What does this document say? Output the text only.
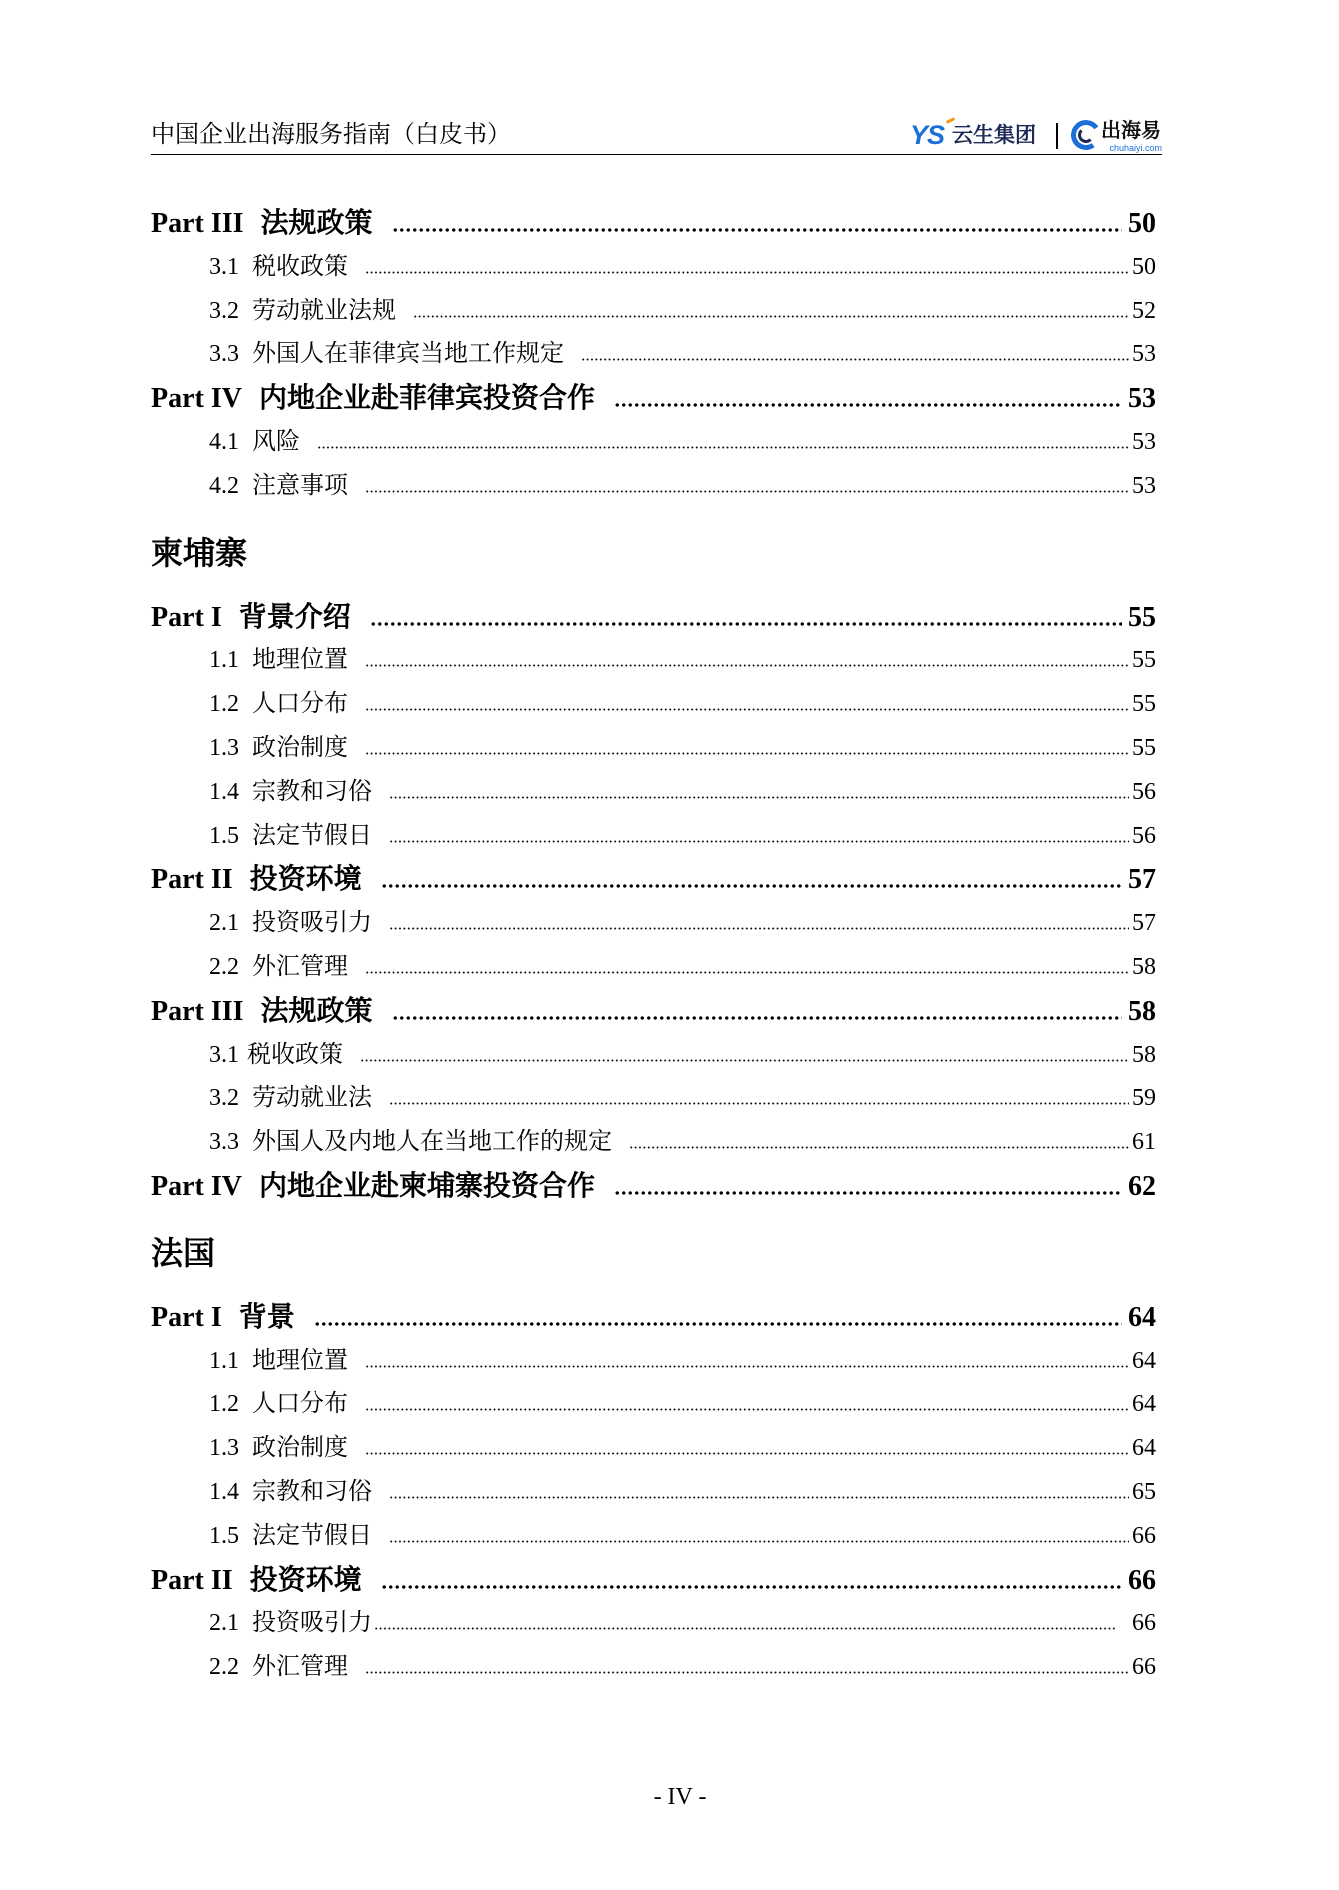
中国企业出海服务指南（白皮书）	YS 云生集团	出海易
chuhaiyi.com
Part III 法规政策	50
3.1 税收政策	50
3.2 劳动就业法规	52
3.3 外国人在菲律宾当地工作规定	53
Part IV 内地企业赴菲律宾投资合作	53
4.1 风险	53
4.2 注意事项	53
柬埔寨
Part I 背景介绍	55
1.1 地理位置	55
1.2 人口分布	55
1.3 政治制度	55
1.4 宗教和习俗	56
1.5 法定节假日	56
Part II 投资环境	57
2.1 投资吸引力	57
2.2 外汇管理	58
Part III 法规政策	58
3.1 税收政策	58
3.2 劳动就业法	59
3.3 外国人及内地人在当地工作的规定	61
Part IV 内地企业赴柬埔寨投资合作	62
法国
Part I 背景	64
1.1 地理位置	64
1.2 人口分布	64
1.3 政治制度	64
1.4 宗教和习俗	65
1.5 法定节假日	66
Part II 投资环境	66
2.1 投资吸引力	66
2.2 外汇管理	66
- IV -
